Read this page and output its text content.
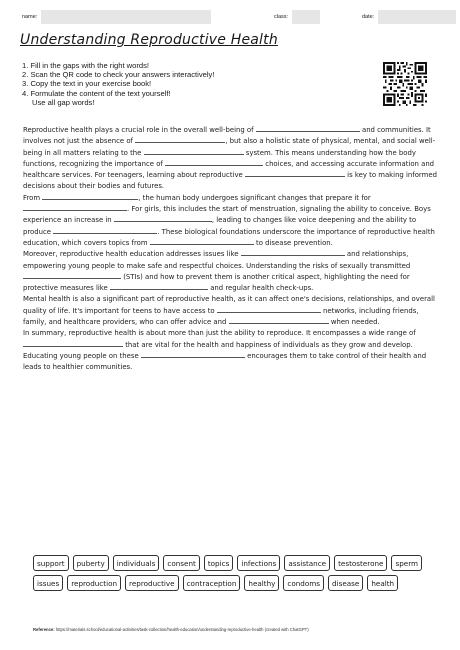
name:	class:	date:
Understanding Reproductive Health
1. Fill in the gaps with the right words!
2. Scan the QR code to check your answers interactively!
3. Copy the text in your exercise book!
4. Formulate the content of the text yourself!
Use all gap words!

Reproductive health plays a crucial role in the overall well-being of	and communities. It involves not just the absence of	, but also a holistic state of physical, mental, and social well-being in all matters relating to the	system. This means understanding how the body functions, recognizing the importance of	choices, and accessing accurate information and healthcare services. For teenagers, learning about reproductive	is key to making informed decisions about their bodies and futures.

From	, the human body undergoes significant changes that prepare it for . For girls, this includes the start of menstruation, signaling the ability to conceive. Boys experience an increase in	, leading to changes like voice deepening and the ability to produce	. These biological foundations underscore the importance of reproductive health education, which covers topics from	to disease prevention.

Moreover, reproductive health education addresses issues like	and relationships, empowering young people to make safe and respectful choices. Understanding the risks of sexually transmitted  (STIs) and how to prevent them is another critical aspect, highlighting the need for protective measures like	and regular health check-ups.

Mental health is also a significant part of reproductive health, as it can affect one's decisions, relationships, and overall quality of life. It's important for teens to have access to	networks, including friends, family, and healthcare providers, who can offer advice and	when needed.

In summary, reproductive health is about more than just the ability to reproduce. It encompasses a wide range of  that are vital for the health and happiness of individuals as they grow and develop. Educating young people on these	encourages them to take control of their health and leads to healthier communities.

support	puberty	individuals	consent	topics	infections	assistance	testosterone	sperm
issues	reproduction	reproductive	contraception	healthy	condoms	disease	health
Reference: https://materials.school/educational-activities/task-collection/health-education/understanding-reproductive-health (created with ChatGPT)
